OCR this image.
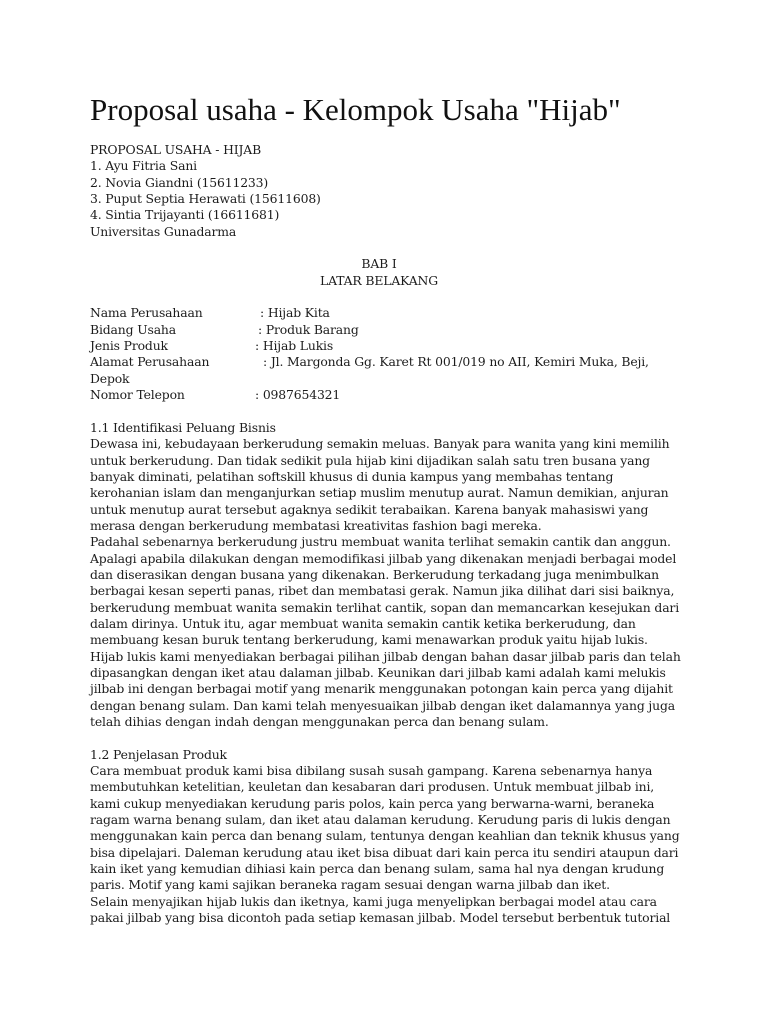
Proposal usaha - Kelompok Usaha "Hijab"
PROPOSAL USAHA - HIJAB
1. Ayu Fitria Sani
2. Novia Giandni (15611233)
3. Puput Septia Herawati (15611608)
4. Sintia Trijayanti (16611681)
Universitas Gunadarma
BAB I
LATAR BELAKANG
Nama Perusahaan	: Hijab Kita
Bidang Usaha	: Produk Barang
Jenis Produk	: Hijab Lukis
Alamat Perusahaan	: Jl. Margonda Gg. Karet Rt 001/019 no AII, Kemiri Muka, Beji,
Depok
Nomor Telepon	: 0987654321
1.1 Identifikasi Peluang Bisnis
Dewasa ini, kebudayaan berkerudung semakin meluas. Banyak para wanita yang kini memilih
untuk berkerudung. Dan tidak sedikit pula hijab kini dijadikan salah satu tren busana yang
banyak diminati, pelatihan softskill khusus di dunia kampus yang membahas tentang
kerohanian islam dan menganjurkan setiap muslim menutup aurat. Namun demikian, anjuran
untuk menutup aurat tersebut agaknya sedikit terabaikan. Karena banyak mahasiswi yang
merasa dengan berkerudung membatasi kreativitas fashion bagi mereka.
Padahal sebenarnya berkerudung justru membuat wanita terlihat semakin cantik dan anggun.
Apalagi apabila dilakukan dengan memodifikasi jilbab yang dikenakan menjadi berbagai model
dan diserasikan dengan busana yang dikenakan. Berkerudung terkadang juga menimbulkan
berbagai kesan seperti panas, ribet dan membatasi gerak. Namun jika dilihat dari sisi baiknya,
berkerudung membuat wanita semakin terlihat cantik, sopan dan memancarkan kesejukan dari
dalam dirinya. Untuk itu, agar membuat wanita semakin cantik ketika berkerudung, dan
membuang kesan buruk tentang berkerudung, kami menawarkan produk yaitu hijab lukis.
Hijab lukis kami menyediakan berbagai pilihan jilbab dengan bahan dasar jilbab paris dan telah
dipasangkan dengan iket atau dalaman jilbab. Keunikan dari jilbab kami adalah kami melukis
jilbab ini dengan berbagai motif yang menarik menggunakan potongan kain perca yang dijahit
dengan benang sulam. Dan kami telah menyesuaikan jilbab dengan iket dalamannya yang juga
telah dihias dengan indah dengan menggunakan perca dan benang sulam.
1.2 Penjelasan Produk
Cara membuat produk kami bisa dibilang susah susah gampang. Karena sebenarnya hanya
membutuhkan ketelitian, keuletan dan kesabaran dari produsen. Untuk membuat jilbab ini,
kami cukup menyediakan kerudung paris polos, kain perca yang berwarna-warni, beraneka
ragam warna benang sulam, dan iket atau dalaman kerudung. Kerudung paris di lukis dengan
menggunakan kain perca dan benang sulam, tentunya dengan keahlian dan teknik khusus yang
bisa dipelajari. Daleman kerudung atau iket bisa dibuat dari kain perca itu sendiri ataupun dari
kain iket yang kemudian dihiasi kain perca dan benang sulam, sama hal nya dengan krudung
paris. Motif yang kami sajikan beraneka ragam sesuai dengan warna jilbab dan iket.
Selain menyajikan hijab lukis dan iketnya, kami juga menyelipkan berbagai model atau cara
pakai jilbab yang bisa dicontoh pada setiap kemasan jilbab. Model tersebut berbentuk tutorial
